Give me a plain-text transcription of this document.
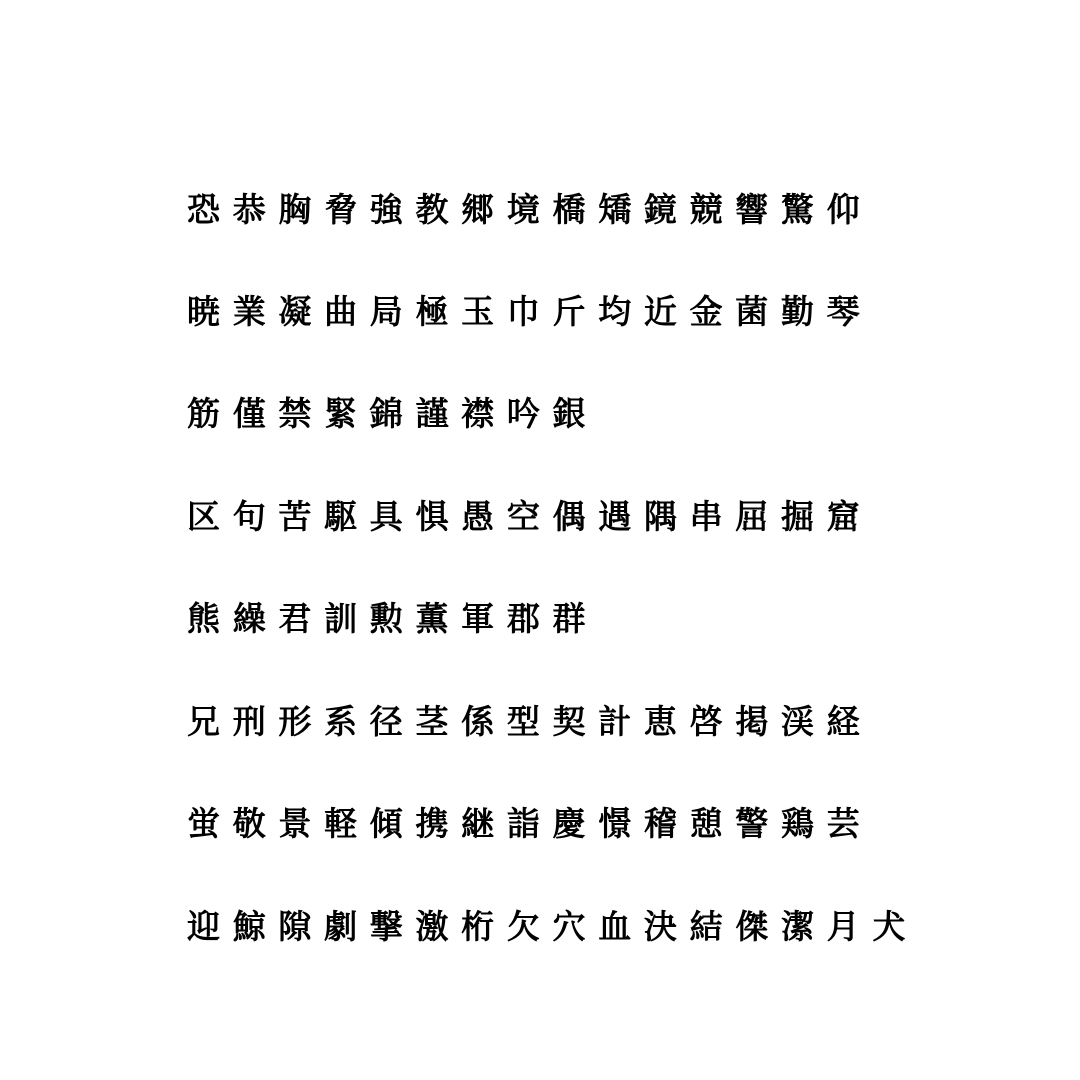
恐 恭 胸 脅 強 教 郷 境 橋 矯 鏡 競 響 驚 仰
暁 業 凝 曲 局 極 玉 巾 斤 均 近 金 菌 勤 琴
筋 僅 禁 緊 錦 謹 襟 吟 銀
区 句 苦 駆 具 惧 愚 空 偶 遇 隅 串 屈 掘 窟
熊 繰 君 訓 勲 薫 軍 郡 群
兄 刑 形 系 径 茎 係 型 契 計 恵 啓 掲 渓 経
蛍 敬 景 軽 傾 携 継 詣 慶 憬 稽 憩 警 鶏 芸
迎 鯨 隙 劇 撃 激 桁 欠 穴 血 決 結 傑 潔 月 犬
